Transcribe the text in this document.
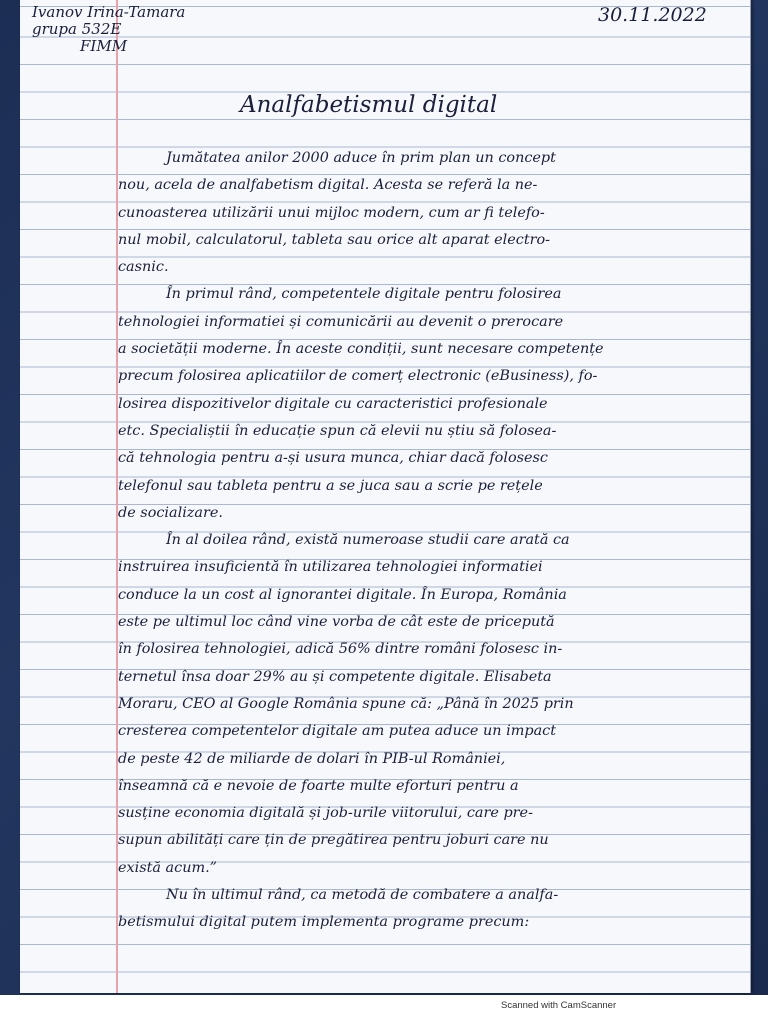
Ivanov Irina-Tamara
grupa 532E
FIMM
30.11.2022
Analfabetismul digital
Jumătatea anilor 2000 aduce în prim plan un concept
nou, acela de analfabetism digital. Acesta se referă la ne-
cunoasterea utilizării unui mijloc modern, cum ar fi telefo-
nul mobil, calculatorul, tableta sau orice alt aparat electro-
casnic.
În primul rând, competentele digitale pentru folosirea
tehnologiei informatiei și comunicării au devenit o prerocare
a societății moderne. În aceste condiții, sunt necesare competențe
precum folosirea aplicatiilor de comerț electronic (eBusiness), fo-
losirea dispozitivelor digitale cu caracteristici profesionale
etc. Specialiștii în educație spun că elevii nu știu să folosea-
că tehnologia pentru a-și usura munca, chiar dacă folosesc
telefonul sau tableta pentru a se juca sau a scrie pe rețele
de socializare.
În al doilea rând, există numeroase studii care arată ca
instruirea insuficientă în utilizarea tehnologiei informatiei
conduce la un cost al ignorantei digitale. În Europa, România
este pe ultimul loc când vine vorba de cât este de pricepută
în folosirea tehnologiei, adică 56% dintre români folosesc in-
ternetul însa doar 29% au și competente digitale. Elisabeta
Moraru, CEO al Google România spune că: „Până în 2025 prin
cresterea competentelor digitale am putea aduce un impact
de peste 42 de miliarde de dolari în PIB-ul României,
înseamnă că e nevoie de foarte multe eforturi pentru a
susține economia digitală și job-urile viitorului, care pre-
supun abilități care țin de pregătirea pentru joburi care nu
există acum.”
Nu în ultimul rând, ca metodă de combatere a analfa-
betismului digital putem implementa programe precum:
Scanned with CamScanner
